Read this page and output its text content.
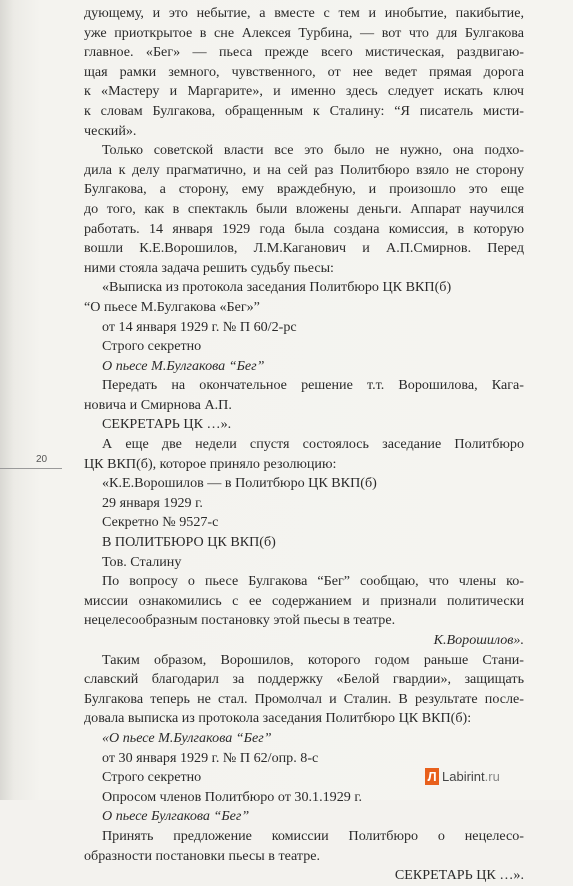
дующему, и это небытие, а вместе с тем и инобытие, пакибытие,
уже приоткрытое в сне Алексея Турбина, — вот что для Булгакова
главное. «Бег» — пьеса прежде всего мистическая, раздвигаю-
щая рамки земного, чувственного, от нее ведет прямая дорога
к «Мастеру и Маргарите», и именно здесь следует искать ключ
к словам Булгакова, обращенным к Сталину: “Я писатель мисти-
ческий».
Только советской власти все это было не нужно, она подхо-
дила к делу прагматично, и на сей раз Политбюро взяло не сторону
Булгакова, а сторону, ему враждебную, и произошло это еще
до того, как в спектакль были вложены деньги. Аппарат научился
работать. 14 января 1929 года была создана комиссия, в которую
вошли К.Е.Ворошилов, Л.М.Каганович и А.П.Смирнов. Перед
ними стояла задача решить судьбу пьесы:
«Выписка из протокола заседания Политбюро ЦК ВКП(б)
“О пьесе М.Булгакова «Бег»”
от 14 января 1929 г. № П 60/2-рс
Строго секретно
О пьесе М.Булгакова “Бег”
Передать на окончательное решение т.т. Ворошилова, Кага-
новича и Смирнова А.П.
СЕКРЕТАРЬ ЦК …».
А еще две недели спустя состоялось заседание Политбюро
ЦК ВКП(б), которое приняло резолюцию:
«К.Е.Ворошилов — в Политбюро ЦК ВКП(б)
29 января 1929 г.
Секретно № 9527-с
В ПОЛИТБЮРО ЦК ВКП(б)
Тов. Сталину
По вопросу о пьесе Булгакова “Бег” сообщаю, что члены ко-
миссии ознакомились с ее содержанием и признали политически
нецелесообразным постановку этой пьесы в театре.
К.Ворошилов».
Таким образом, Ворошилов, которого годом раньше Стани-
славский благодарил за поддержку «Белой гвардии», защищать
Булгакова теперь не стал. Промолчал и Сталин. В результате после-
довала выписка из протокола заседания Политбюро ЦК ВКП(б):
«О пьесе М.Булгакова “Бег”
от 30 января 1929 г. № П 62/опр. 8-с
Строго секретно
Опросом членов Политбюро от 30.1.1929 г.
О пьесе Булгакова “Бег”
Принять предложение комиссии Политбюро о нецелесо-
образности постановки пьесы в театре.
СЕКРЕТАРЬ ЦК …».
20
Л Labirint.ru
